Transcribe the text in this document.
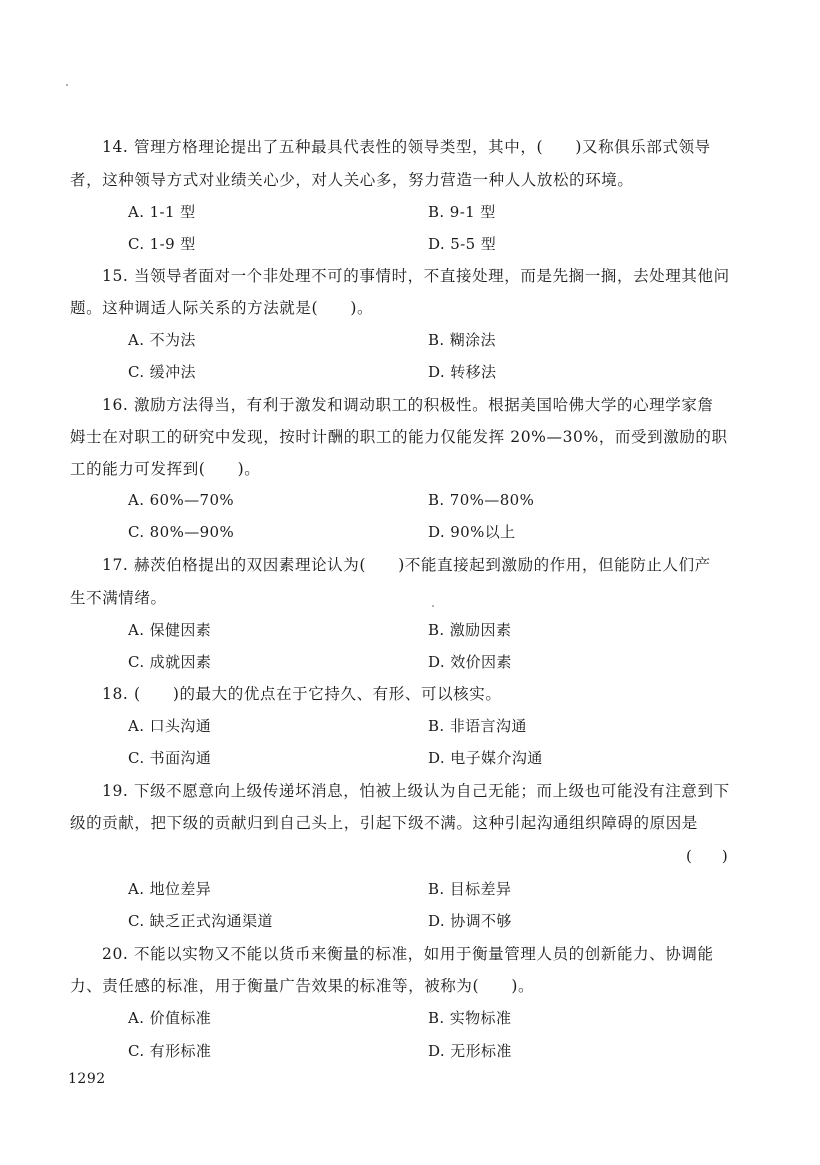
14. 管理方格理论提出了五种最具代表性的领导类型，其中，(　　)又称俱乐部式领导
者，这种领导方式对业绩关心少，对人关心多，努力营造一种人人放松的环境。
A. 1-1 型	B. 9-1 型
C. 1-9 型	D. 5-5 型
15. 当领导者面对一个非处理不可的事情时，不直接处理，而是先搁一搁，去处理其他问
题。这种调适人际关系的方法就是(　　)。
A. 不为法	B. 糊涂法
C. 缓冲法	D. 转移法
16. 激励方法得当，有利于激发和调动职工的积极性。根据美国哈佛大学的心理学家詹
姆士在对职工的研究中发现，按时计酬的职工的能力仅能发挥 20%—30%，而受到激励的职
工的能力可发挥到(　　)。
A. 60%—70%	B. 70%—80%
C. 80%—90%	D. 90%以上
17. 赫茨伯格提出的双因素理论认为(　　)不能直接起到激励的作用，但能防止人们产
生不满情绪。
A. 保健因素	B. 激励因素
C. 成就因素	D. 效价因素
18. (　　)的最大的优点在于它持久、有形、可以核实。
A. 口头沟通	B. 非语言沟通
C. 书面沟通	D. 电子媒介沟通
19. 下级不愿意向上级传递坏消息，怕被上级认为自己无能；而上级也可能没有注意到下
级的贡献，把下级的贡献归到自己头上，引起下级不满。这种引起沟通组织障碍的原因是
(　　)
A. 地位差异	B. 目标差异
C. 缺乏正式沟通渠道	D. 协调不够
20. 不能以实物又不能以货币来衡量的标准，如用于衡量管理人员的创新能力、协调能
力、责任感的标准，用于衡量广告效果的标准等，被称为(　　)。
A. 价值标准	B. 实物标准
C. 有形标准	D. 无形标准
1292
